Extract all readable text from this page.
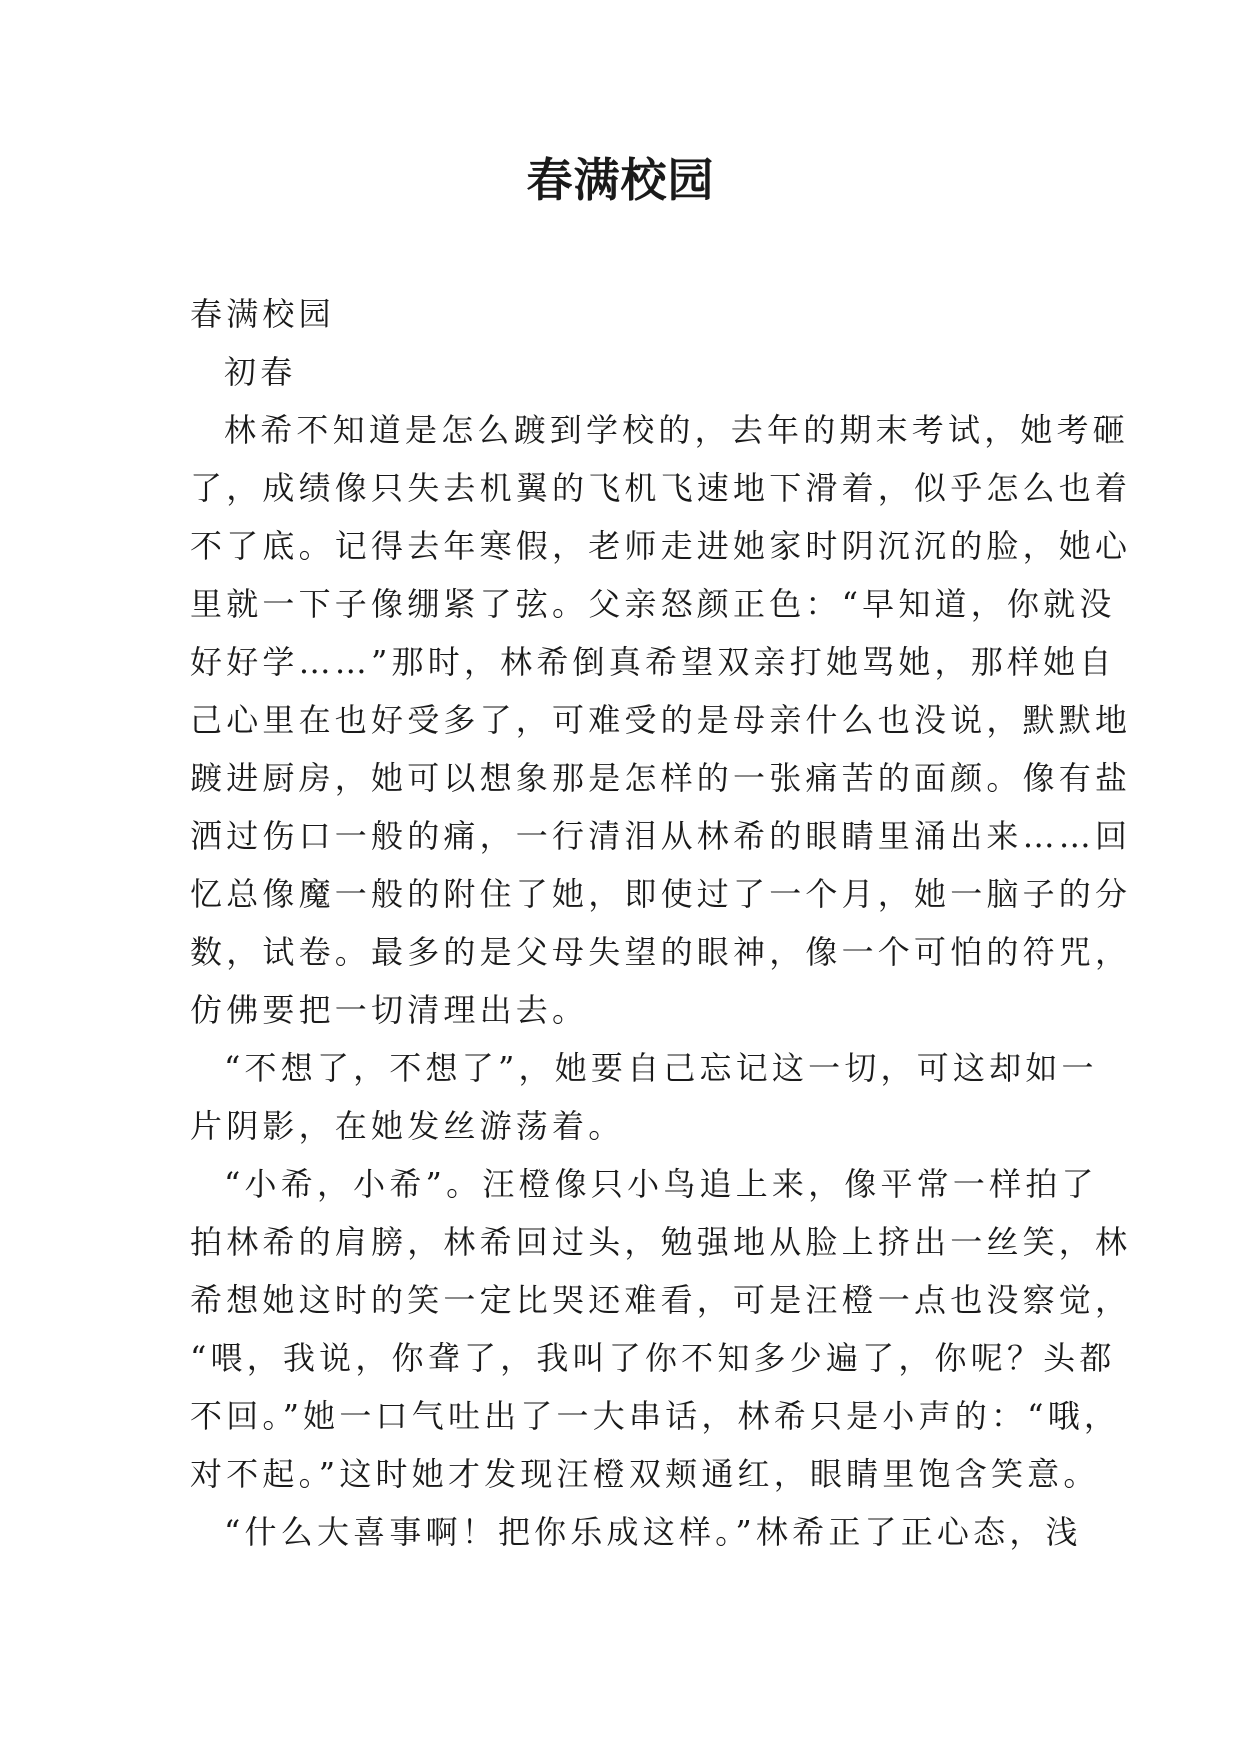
春满校园
春满校园
初春
林希不知道是怎么踱到学校的，去年的期末考试，她考砸
了，成绩像只失去机翼的飞机飞速地下滑着，似乎怎么也着
不了底。记得去年寒假，老师走进她家时阴沉沉的脸，她心
里就一下子像绷紧了弦。父亲怒颜正色：“早知道，你就没
好好学……”那时，林希倒真希望双亲打她骂她，那样她自
己心里在也好受多了，可难受的是母亲什么也没说，默默地
踱进厨房，她可以想象那是怎样的一张痛苦的面颜。像有盐
洒过伤口一般的痛，一行清泪从林希的眼睛里涌出来……回
忆总像魔一般的附住了她，即使过了一个月，她一脑子的分
数，试卷。最多的是父母失望的眼神，像一个可怕的符咒，
仿佛要把一切清理出去。
“不想了，不想了”，她要自己忘记这一切，可这却如一
片阴影，在她发丝游荡着。
“小希，小希”。汪橙像只小鸟追上来，像平常一样拍了
拍林希的肩膀，林希回过头，勉强地从脸上挤出一丝笑，林
希想她这时的笑一定比哭还难看，可是汪橙一点也没察觉，
“喂，我说，你聋了，我叫了你不知多少遍了，你呢？头都
不回。”她一口气吐出了一大串话，林希只是小声的：“哦，
对不起。”这时她才发现汪橙双颊通红，眼睛里饱含笑意。
“什么大喜事啊！把你乐成这样。”林希正了正心态，浅
